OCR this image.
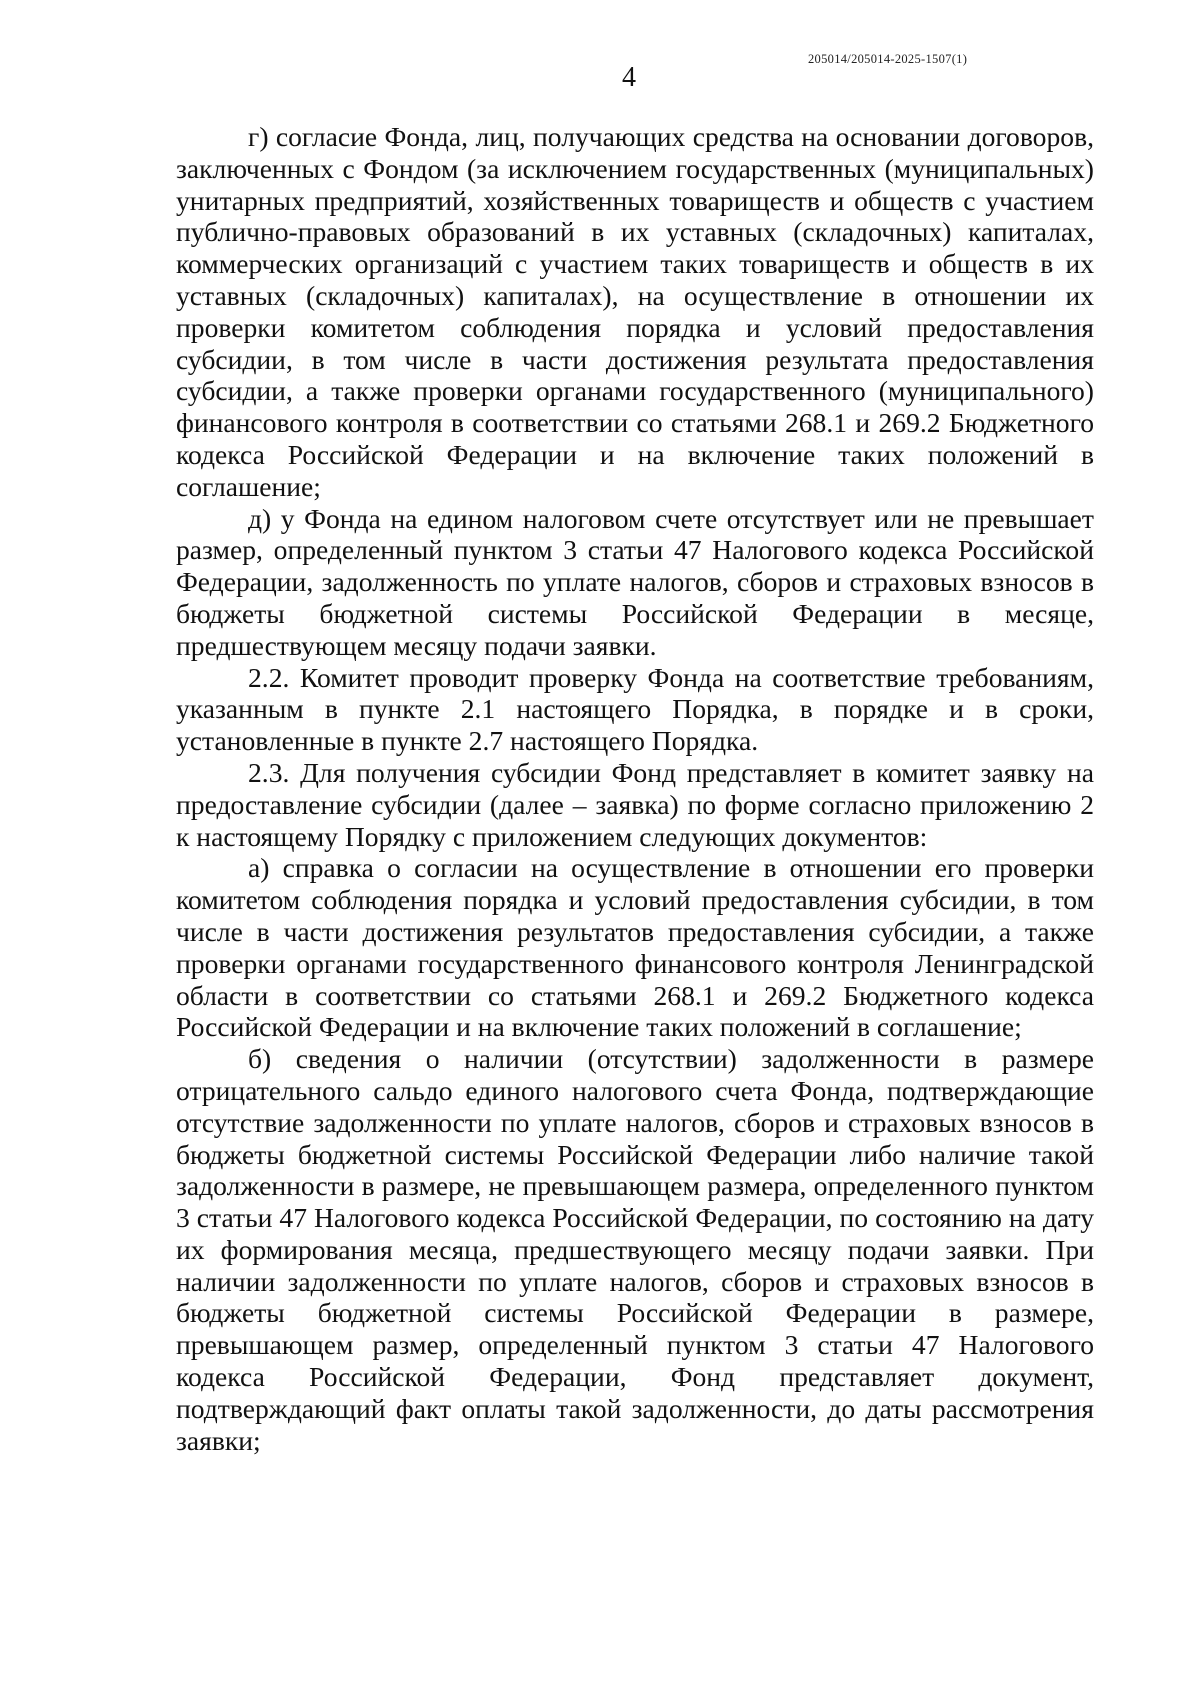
205014/205014-2025-1507(1)
4

г) согласие Фонда, лиц, получающих средства на основании договоров, заключенных с Фондом (за исключением государственных (муниципальных) унитарных предприятий, хозяйственных товариществ и обществ с участием публично-правовых образований в их уставных (складочных) капиталах, коммерческих организаций с участием таких товариществ и обществ в их уставных (складочных) капиталах), на осуществление в отношении их проверки комитетом соблюдения порядка и условий предоставления субсидии, в том числе в части достижения результата предоставления субсидии, а также проверки органами государственного (муниципального) финансового контроля в соответствии со статьями 268.1 и 269.2 Бюджетного кодекса Российской Федерации и на включение таких положений в соглашение;

д) у Фонда на едином налоговом счете отсутствует или не превышает размер, определенный пунктом 3 статьи 47 Налогового кодекса Российской Федерации, задолженность по уплате налогов, сборов и страховых взносов в бюджеты бюджетной системы Российской Федерации в месяце, предшествующем месяцу подачи заявки.

2.2. Комитет проводит проверку Фонда на соответствие требованиям, указанным в пункте 2.1 настоящего Порядка, в порядке и в сроки, установленные в пункте 2.7 настоящего Порядка.

2.3. Для получения субсидии Фонд представляет в комитет заявку на предоставление субсидии (далее – заявка) по форме согласно приложению 2 к настоящему Порядку с приложением следующих документов:

а) справка о согласии на осуществление в отношении его проверки комитетом соблюдения порядка и условий предоставления субсидии, в том числе в части достижения результатов предоставления субсидии, а также проверки органами государственного финансового контроля Ленинградской области в соответствии со статьями 268.1 и 269.2 Бюджетного кодекса Российской Федерации и на включение таких положений в соглашение;

б) сведения о наличии (отсутствии) задолженности в размере отрицательного сальдо единого налогового счета Фонда, подтверждающие отсутствие задолженности по уплате налогов, сборов и страховых взносов в бюджеты бюджетной системы Российской Федерации либо наличие такой задолженности в размере, не превышающем размера, определенного пунктом 3 статьи 47 Налогового кодекса Российской Федерации, по состоянию на дату их формирования месяца, предшествующего месяцу подачи заявки. При наличии задолженности по уплате налогов, сборов и страховых взносов в бюджеты бюджетной системы Российской Федерации в размере, превышающем размер, определенный пунктом 3 статьи 47 Налогового кодекса Российской Федерации, Фонд представляет документ, подтверждающий факт оплаты такой задолженности, до даты рассмотрения заявки;
